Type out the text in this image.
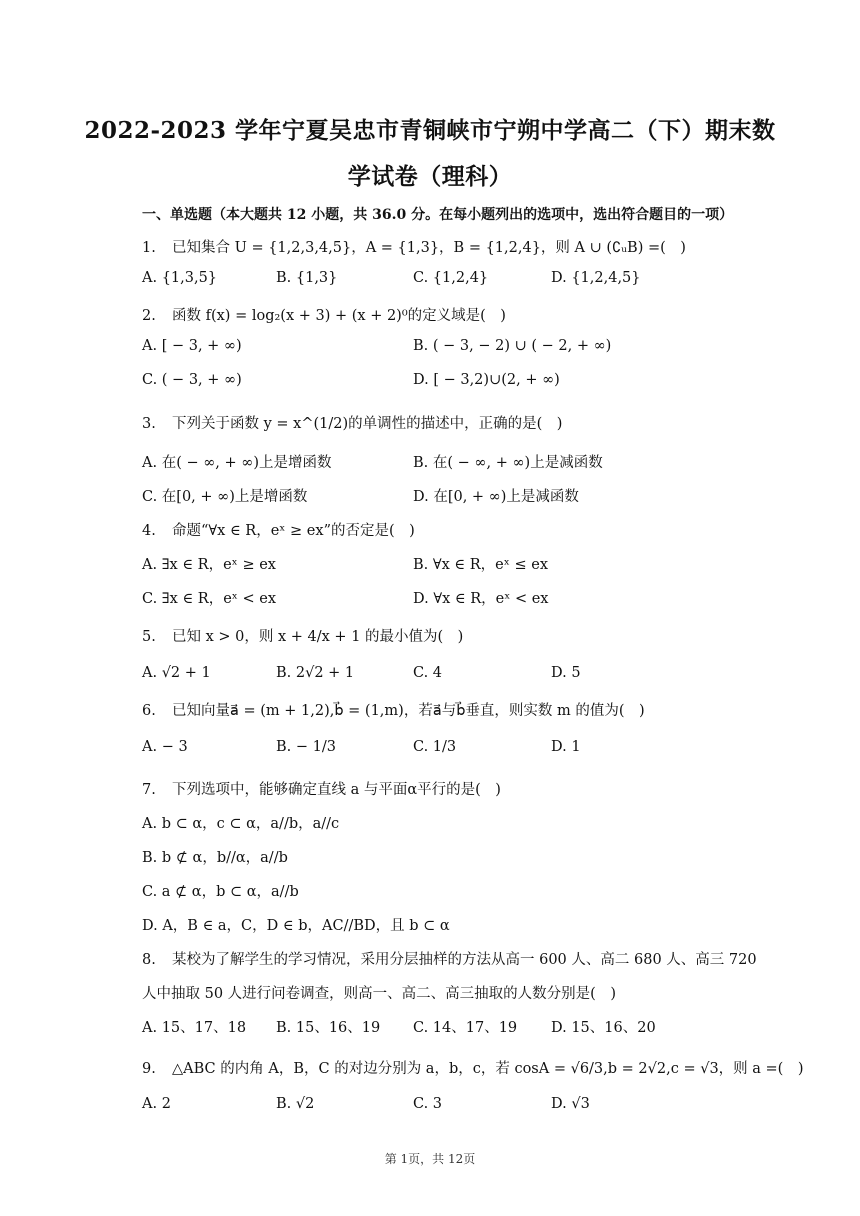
2022-2023 学年宁夏吴忠市青铜峡市宁朔中学高二（下）期末数
学试卷（理科）
一、单选题（本大题共 12 小题，共 36.0 分。在每小题列出的选项中，选出符合题目的一项）
1. 已知集合 U = {1,2,3,4,5}，A = {1,3}，B = {1,2,4}，则 A ∪ (∁ᵤB) =(　)
A. {1,3,5}	B. {1,3}	C. {1,2,4}	D. {1,2,4,5}
2. 函数 f(x) = log₂(x + 3) + (x + 2)⁰的定义域是(　)
A. [ − 3, + ∞)	B. ( − 3, − 2) ∪ ( − 2, + ∞)
C. ( − 3, + ∞)	D. [ − 3,2)∪(2, + ∞)
3. 下列关于函数 y = x^(1/2)的单调性的描述中，正确的是(　)
A. 在( − ∞, + ∞)上是增函数	B. 在( − ∞, + ∞)上是减函数
C. 在[0, + ∞)上是增函数	D. 在[0, + ∞)上是减函数
4. 命题“∀x ∈ R，eˣ ≥ ex”的否定是(　)
A. ∃x ∈ R，eˣ ≥ ex	B. ∀x ∈ R，eˣ ≤ ex
C. ∃x ∈ R，eˣ < ex	D. ∀x ∈ R，eˣ < ex
5. 已知 x > 0，则 x + 4/x + 1 的最小值为(　)
A. √2 + 1	B. 2√2 + 1	C. 4	D. 5
6. 已知向量a⃗ = (m + 1,2),b⃗ = (1,m)，若a⃗与b⃗垂直，则实数 m 的值为(　)
A. − 3	B. − 1/3	C. 1/3	D. 1
7. 下列选项中，能够确定直线 a 与平面α平行的是(　)
A. b ⊂ α，c ⊂ α，a//b，a//c
B. b ⊄ α，b//α，a//b
C. a ⊄ α，b ⊂ α，a//b
D. A，B ∈ a，C，D ∈ b，AC//BD，且 b ⊂ α
8. 某校为了解学生的学习情况，采用分层抽样的方法从高一 600 人、高二 680 人、高三 720
人中抽取 50 人进行问卷调查，则高一、高二、高三抽取的人数分别是(　)
A. 15、17、18 B. 15、16、19 C. 14、17、19 D. 15、16、20
9. △ABC 的内角 A，B，C 的对边分别为 a，b，c，若 cosA = √6/3,b = 2√2,c = √3，则 a =(　)
A. 2	B. √2	C. 3	D. √3
第 1页，共 12页
